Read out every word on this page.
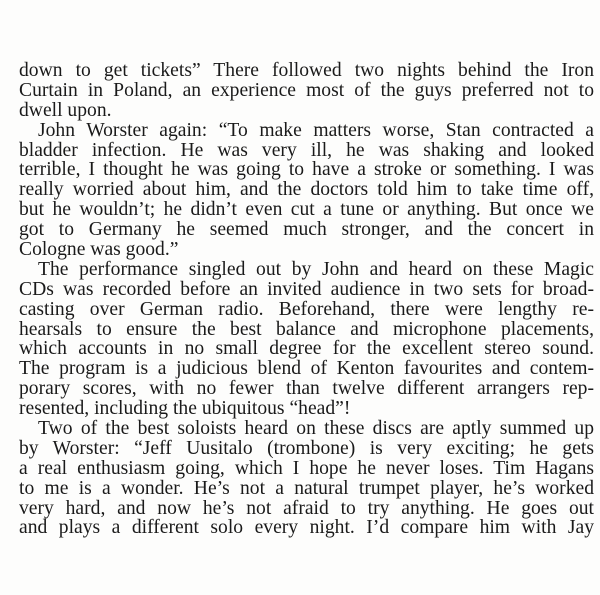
down to get tickets” There followed two nights behind the Iron
Curtain in Poland, an experience most of the guys preferred not to
dwell upon.
John Worster again: “To make matters worse, Stan contracted a
bladder infection. He was very ill, he was shaking and looked
terrible, I thought he was going to have a stroke or something. I was
really worried about him, and the doctors told him to take time off,
but he wouldn’t; he didn’t even cut a tune or anything. But once we
got to Germany he seemed much stronger, and the concert in
Cologne was good.”
The performance singled out by John and heard on these Magic
CDs was recorded before an invited audience in two sets for broad-
casting over German radio. Beforehand, there were lengthy re-
hearsals to ensure the best balance and microphone placements,
which accounts in no small degree for the excellent stereo sound.
The program is a judicious blend of Kenton favourites and contem-
porary scores, with no fewer than twelve different arrangers rep-
resented, including the ubiquitous “head”!
Two of the best soloists heard on these discs are aptly summed up
by Worster: “Jeff Uusitalo (trombone) is very exciting; he gets
a real enthusiasm going, which I hope he never loses. Tim Hagans
to me is a wonder. He’s not a natural trumpet player, he’s worked
very hard, and now he’s not afraid to try anything. He goes out
and plays a different solo every night. I’d compare him with Jay
